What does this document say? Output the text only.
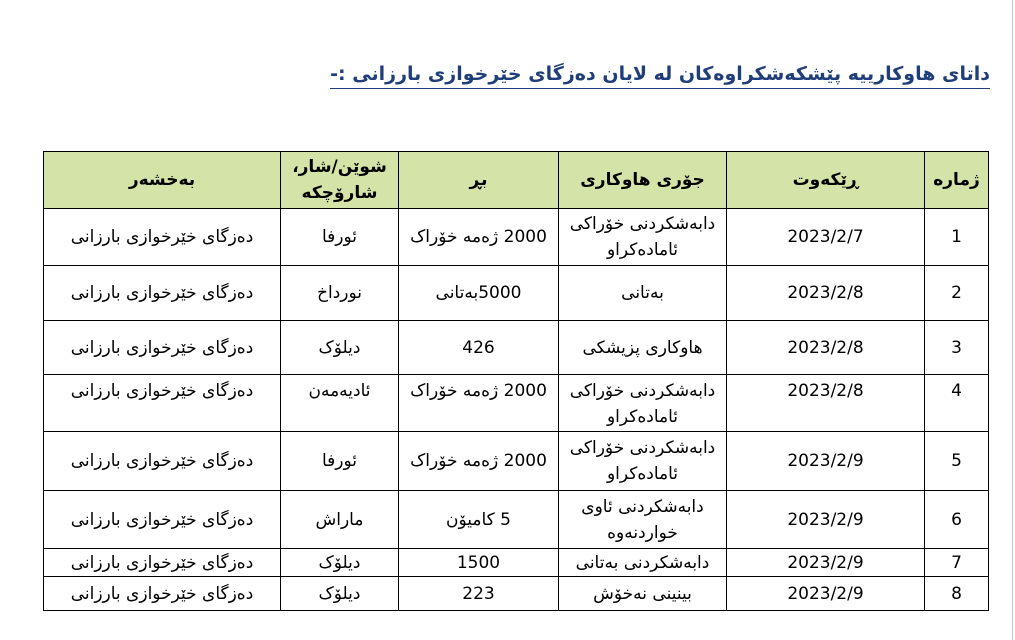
داتای هاوکارییە پێشکەشکراوەکان لە لایان دەزگای خێرخوازی بارزانی :-
ژمارە	ڕێکەوت	جۆری هاوکاری	بڕ	شوێن/شار، شارۆچکە	بەخشەر
1	2023/2/7	دابەشکردنی خۆراکی ئامادەکراو	2000 ژەمە خۆراک	ئورفا	دەزگای خێرخوازی بارزانی
2	2023/2/8	بەتانی	5000بەتانی	نورداخ	دەزگای خێرخوازی بارزانی
3	2023/2/8	هاوکاری پزیشکی	426	دیلۆک	دەزگای خێرخوازی بارزانی
4	2023/2/8	دابەشکردنی خۆراکی ئامادەکراو	2000 ژەمە خۆراک	ئادیەمەن	دەزگای خێرخوازی بارزانی
5	2023/2/9	دابەشکردنی خۆراکی ئامادەکراو	2000 ژەمە خۆراک	ئورفا	دەزگای خێرخوازی بارزانی
6	2023/2/9	دابەشکردنی ئاوی خواردنەوە	5 کامیۆن	ماراش	دەزگای خێرخوازی بارزانی
7	2023/2/9	دابەشکردنی بەتانی	1500	دیلۆک	دەزگای خێرخوازی بارزانی
8	2023/2/9	بینینی نەخۆش	223	دیلۆک	دەزگای خێرخوازی بارزانی
